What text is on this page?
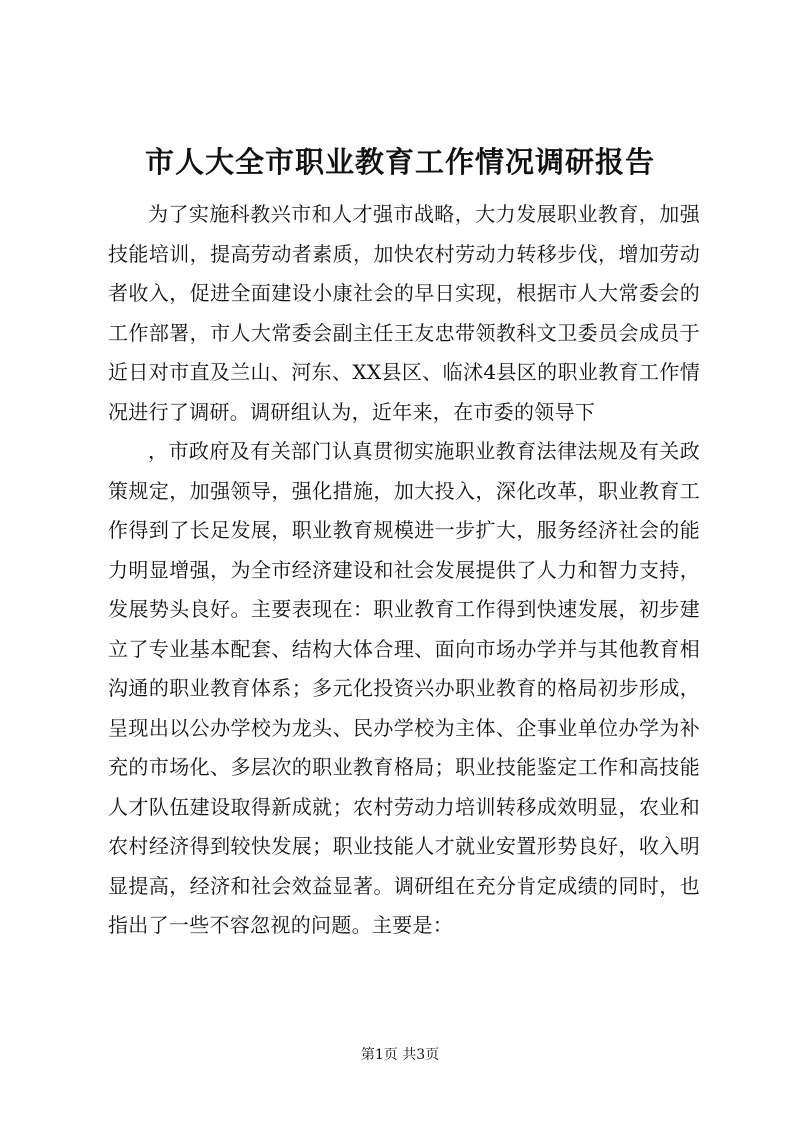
市人大全市职业教育工作情况调研报告

为了实施科教兴市和人才强市战略，大力发展职业教育，加强技能培训，提高劳动者素质，加快农村劳动力转移步伐，增加劳动者收入，促进全面建设小康社会的早日实现，根据市人大常委会的工作部署，市人大常委会副主任王友忠带领教科文卫委员会成员于近日对市直及兰山、河东、XX县区、临沭4县区的职业教育工作情况进行了调研。调研组认为，近年来，在市委的领导下

，市政府及有关部门认真贯彻实施职业教育法律法规及有关政策规定，加强领导，强化措施，加大投入，深化改革，职业教育工作得到了长足发展，职业教育规模进一步扩大，服务经济社会的能力明显增强，为全市经济建设和社会发展提供了人力和智力支持，发展势头良好。主要表现在：职业教育工作得到快速发展，初步建立了专业基本配套、结构大体合理、面向市场办学并与其他教育相沟通的职业教育体系；多元化投资兴办职业教育的格局初步形成，呈现出以公办学校为龙头、民办学校为主体、企事业单位办学为补充的市场化、多层次的职业教育格局；职业技能鉴定工作和高技能人才队伍建设取得新成就；农村劳动力培训转移成效明显，农业和农村经济得到较快发展；职业技能人才就业安置形势良好，收入明显提高，经济和社会效益显著。调研组在充分肯定成绩的同时，也指出了一些不容忽视的问题。主要是：

第1页 共3页
